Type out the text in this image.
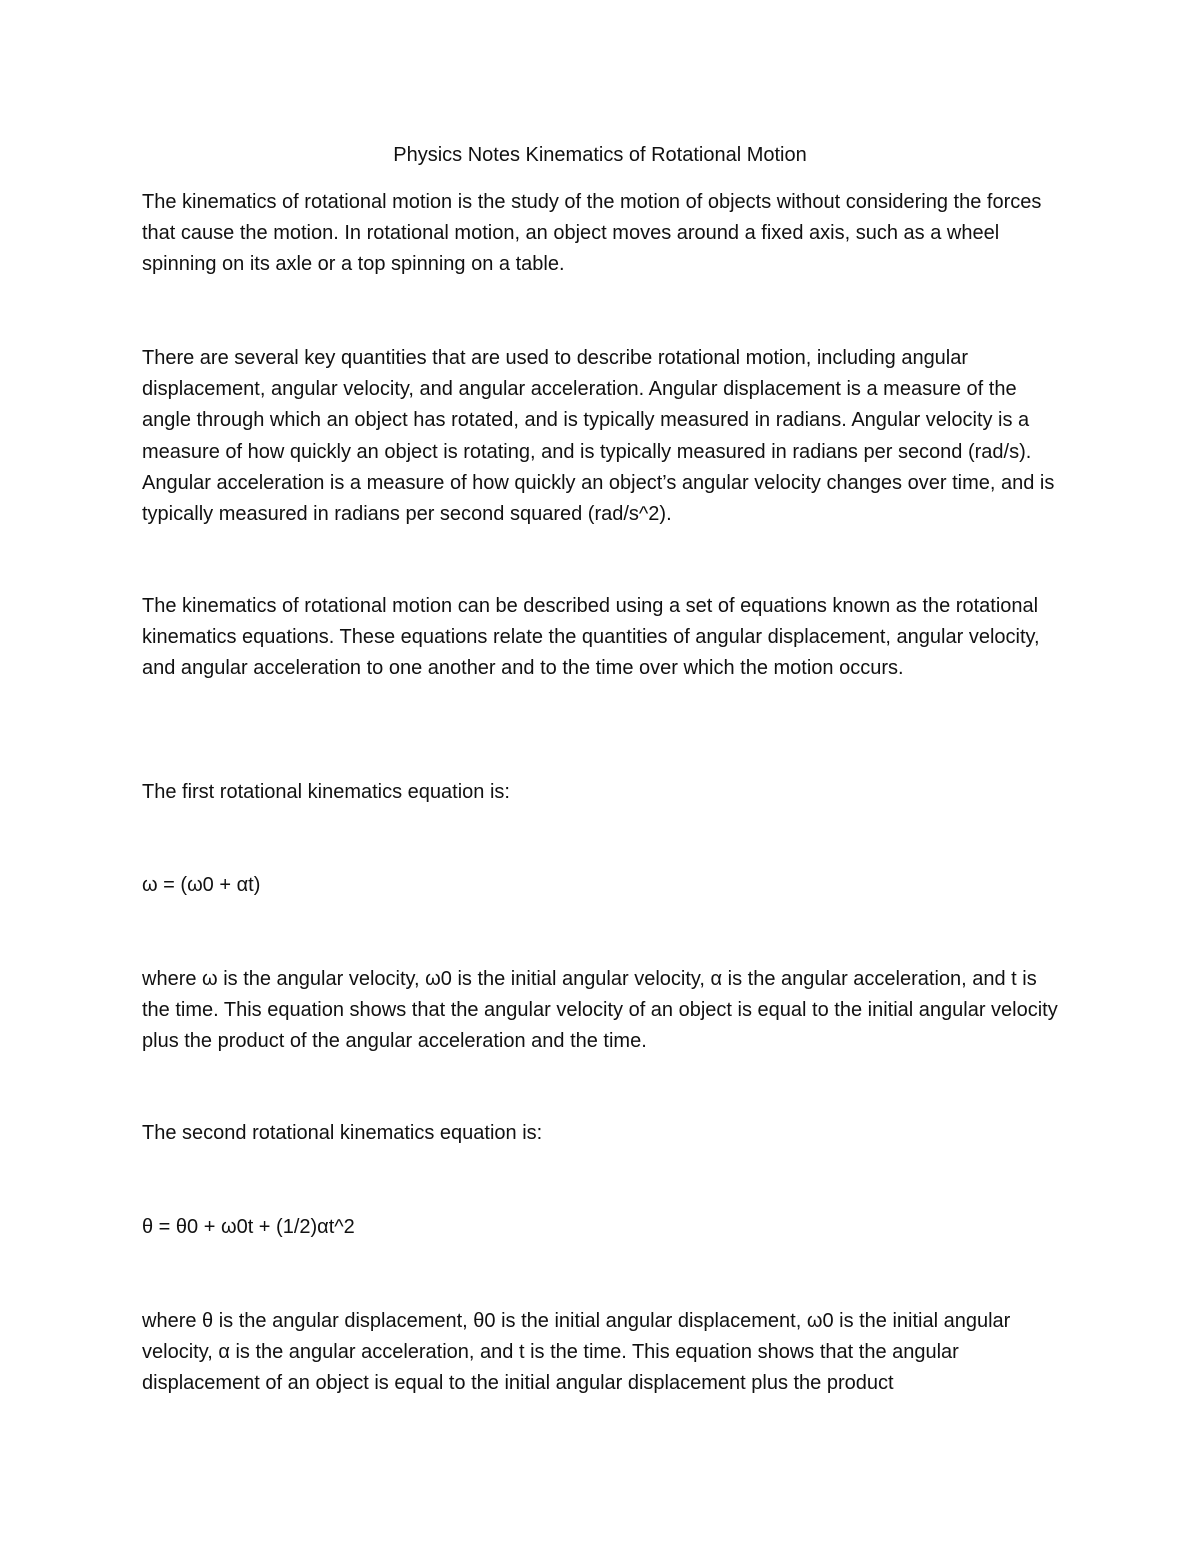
Physics Notes Kinematics of Rotational Motion

The kinematics of rotational motion is the study of the motion of objects without considering the forces that cause the motion. In rotational motion, an object moves around a fixed axis, such as a wheel spinning on its axle or a top spinning on a table.

There are several key quantities that are used to describe rotational motion, including angular displacement, angular velocity, and angular acceleration. Angular displacement is a measure of the angle through which an object has rotated, and is typically measured in radians. Angular velocity is a measure of how quickly an object is rotating, and is typically measured in radians per second (rad/s). Angular acceleration is a measure of how quickly an object’s angular velocity changes over time, and is typically measured in radians per second squared (rad/s^2).

The kinematics of rotational motion can be described using a set of equations known as the rotational kinematics equations. These equations relate the quantities of angular displacement, angular velocity, and angular acceleration to one another and to the time over which the motion occurs.

The first rotational kinematics equation is:

ω = (ω0 + αt)

where ω is the angular velocity, ω0 is the initial angular velocity, α is the angular acceleration, and t is the time. This equation shows that the angular velocity of an object is equal to the initial angular velocity plus the product of the angular acceleration and the time.

The second rotational kinematics equation is:

θ = θ0 + ω0t + (1/2)αt^2

where θ is the angular displacement, θ0 is the initial angular displacement, ω0 is the initial angular velocity, α is the angular acceleration, and t is the time. This equation shows that the angular displacement of an object is equal to the initial angular displacement plus the product
